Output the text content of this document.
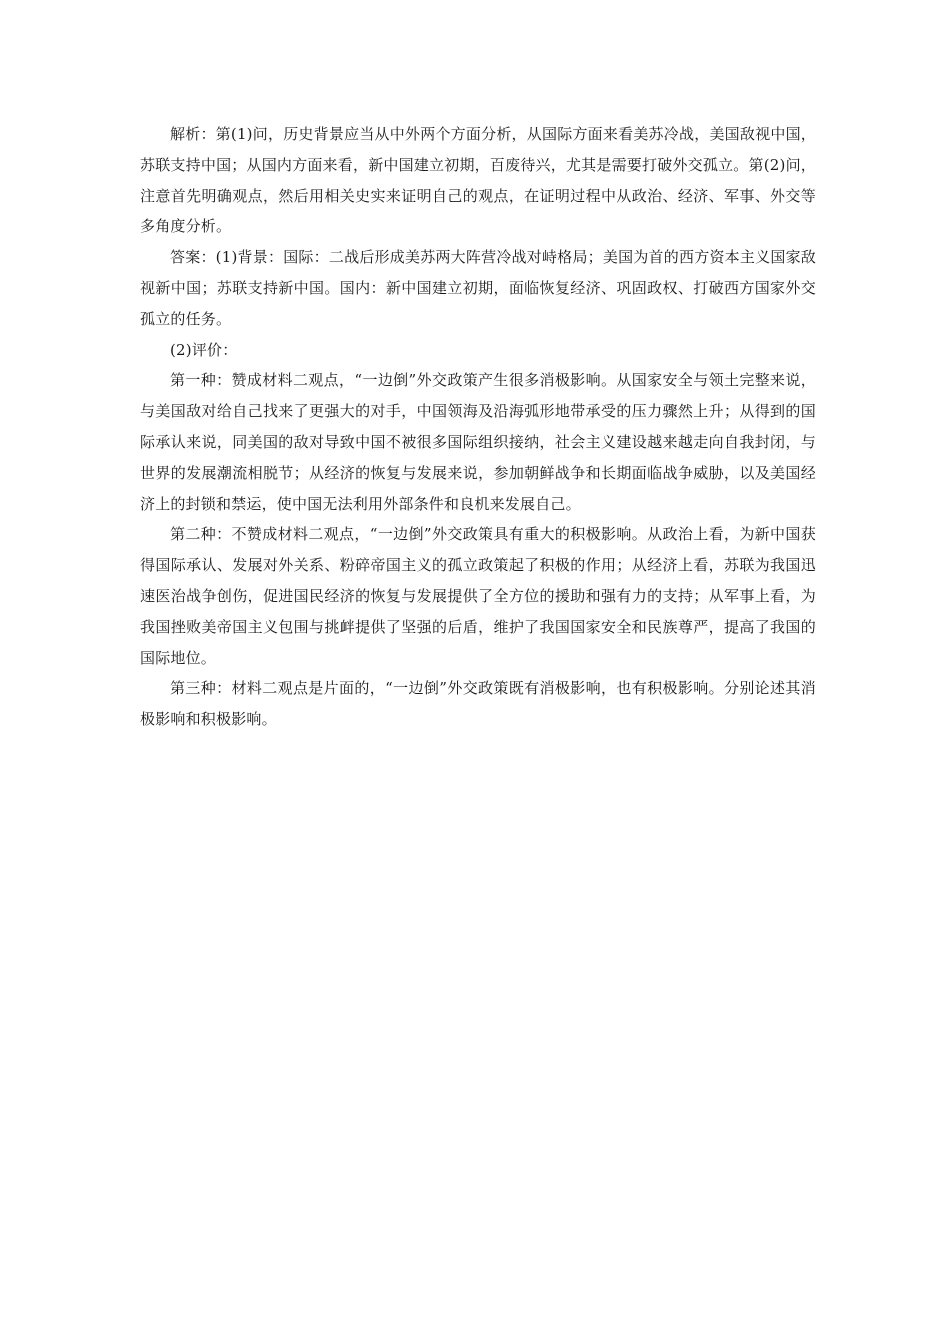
解析：第(1)问，历史背景应当从中外两个方面分析，从国际方面来看美苏冷战，美国敌视中国，苏联支持中国；从国内方面来看，新中国建立初期，百废待兴，尤其是需要打破外交孤立。第(2)问，注意首先明确观点，然后用相关史实来证明自己的观点，在证明过程中从政治、经济、军事、外交等多角度分析。

答案：(1)背景：国际：二战后形成美苏两大阵营冷战对峙格局；美国为首的西方资本主义国家敌视新中国；苏联支持新中国。国内：新中国建立初期，面临恢复经济、巩固政权、打破西方国家外交孤立的任务。

(2)评价：

第一种：赞成材料二观点，“一边倒”外交政策产生很多消极影响。从国家安全与领土完整来说，与美国敌对给自己找来了更强大的对手，中国领海及沿海弧形地带承受的压力骤然上升；从得到的国际承认来说，同美国的敌对导致中国不被很多国际组织接纳，社会主义建设越来越走向自我封闭，与世界的发展潮流相脱节；从经济的恢复与发展来说，参加朝鲜战争和长期面临战争威胁，以及美国经济上的封锁和禁运，使中国无法利用外部条件和良机来发展自己。

第二种：不赞成材料二观点，“一边倒”外交政策具有重大的积极影响。从政治上看，为新中国获得国际承认、发展对外关系、粉碎帝国主义的孤立政策起了积极的作用；从经济上看，苏联为我国迅速医治战争创伤，促进国民经济的恢复与发展提供了全方位的援助和强有力的支持；从军事上看，为我国挫败美帝国主义包围与挑衅提供了坚强的后盾，维护了我国国家安全和民族尊严，提高了我国的国际地位。

第三种：材料二观点是片面的，“一边倒”外交政策既有消极影响，也有积极影响。分别论述其消极影响和积极影响。
